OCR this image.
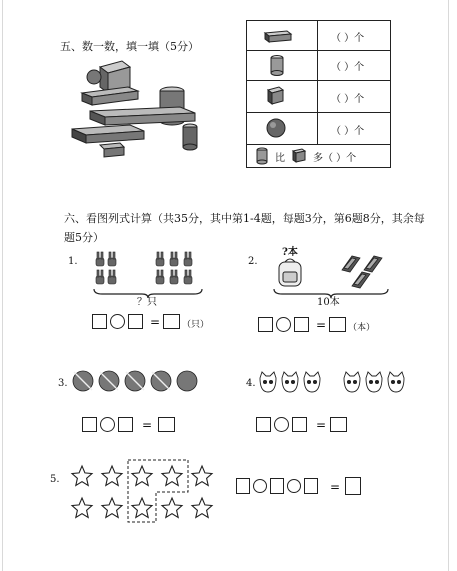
五、数一数，填一填（5分）
（ ）个
（ ）个
（ ）个
（ ）个
比	多（ ）个
六、看图列式计算（共35分，其中第1-4题，每题3分，第6题8分，其余每
题5分）
1.
？只
= （只）
2.
?本
10本
= （本）
3.
=
4.
=
5.
=
